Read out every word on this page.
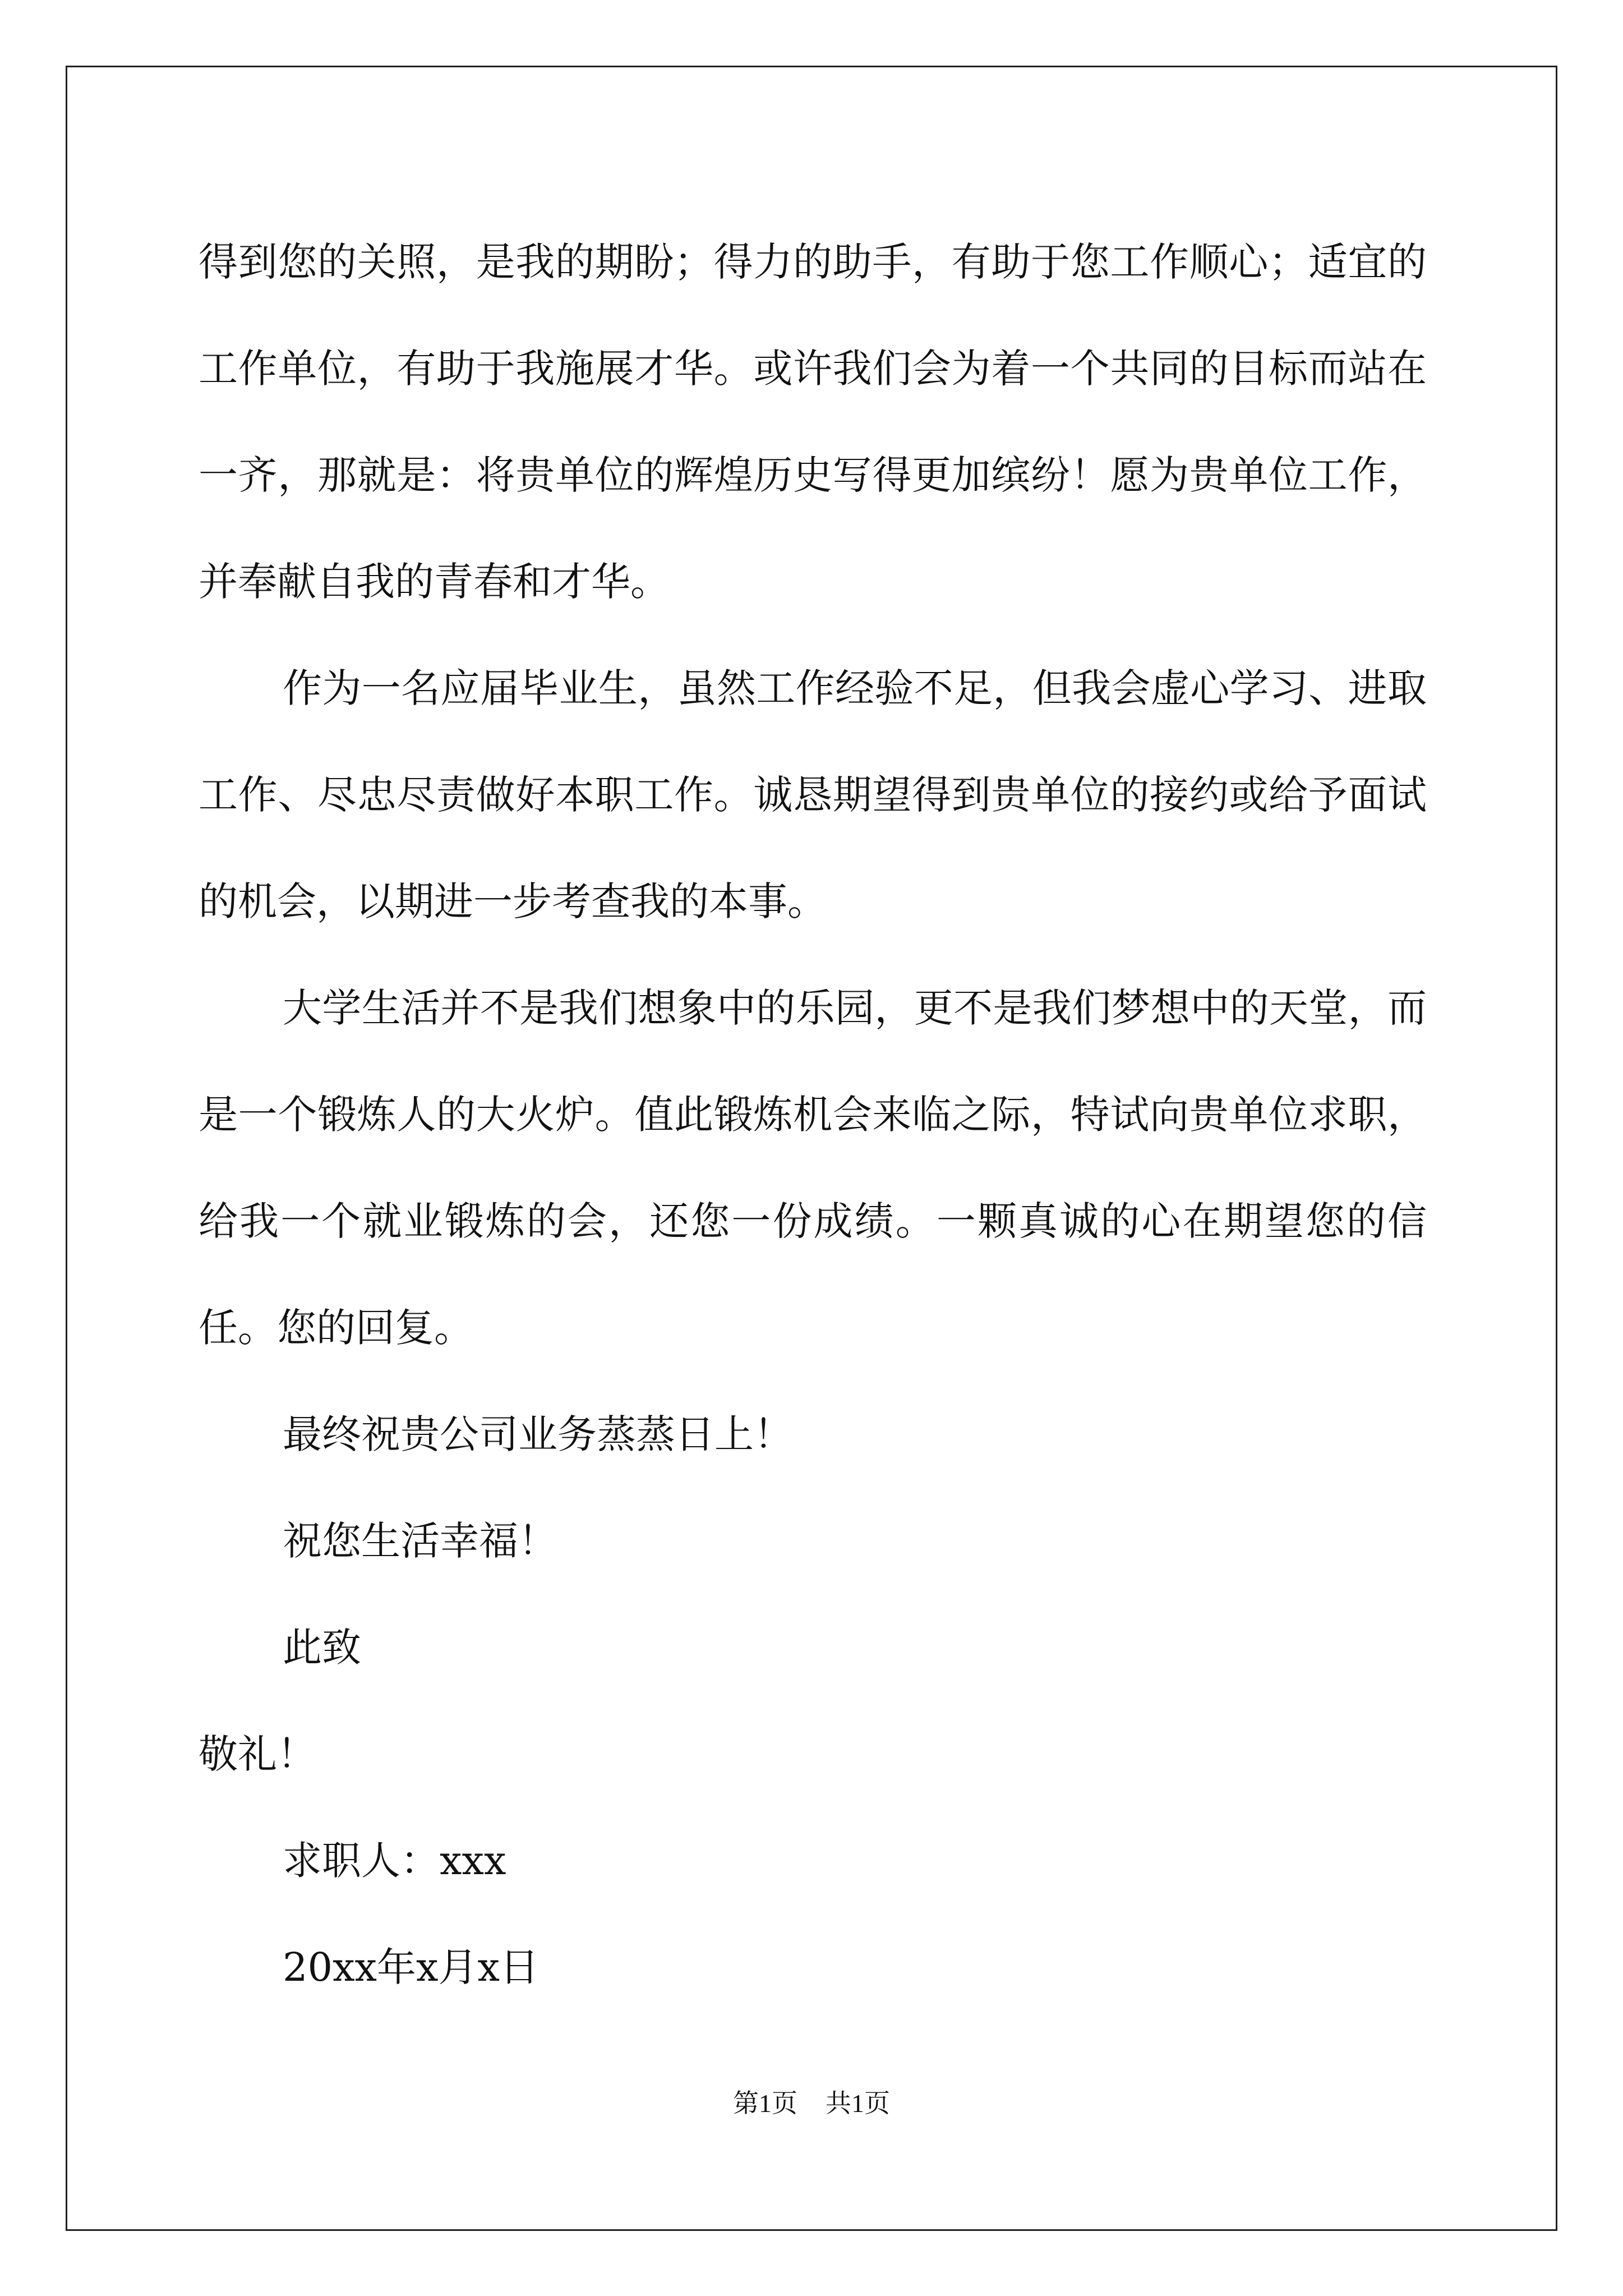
得到您的关照，是我的期盼；得力的助手，有助于您工作顺心；适宜的工作单位，有助于我施展才华。或许我们会为着一个共同的目标而站在一齐，那就是：将贵单位的辉煌历史写得更加缤纷！愿为贵单位工作，并奉献自我的青春和才华。

作为一名应届毕业生，虽然工作经验不足，但我会虚心学习、进取工作、尽忠尽责做好本职工作。诚恳期望得到贵单位的接约或给予面试的机会，以期进一步考查我的本事。

大学生活并不是我们想象中的乐园，更不是我们梦想中的天堂，而是一个锻炼人的大火炉。值此锻炼机会来临之际，特试向贵单位求职，给我一个就业锻炼的会，还您一份成绩。一颗真诚的心在期望您的信任。您的回复。

最终祝贵公司业务蒸蒸日上！

祝您生活幸福！

此致

敬礼！

求职人：xxx

20xx年x月x日

第1页 共1页
